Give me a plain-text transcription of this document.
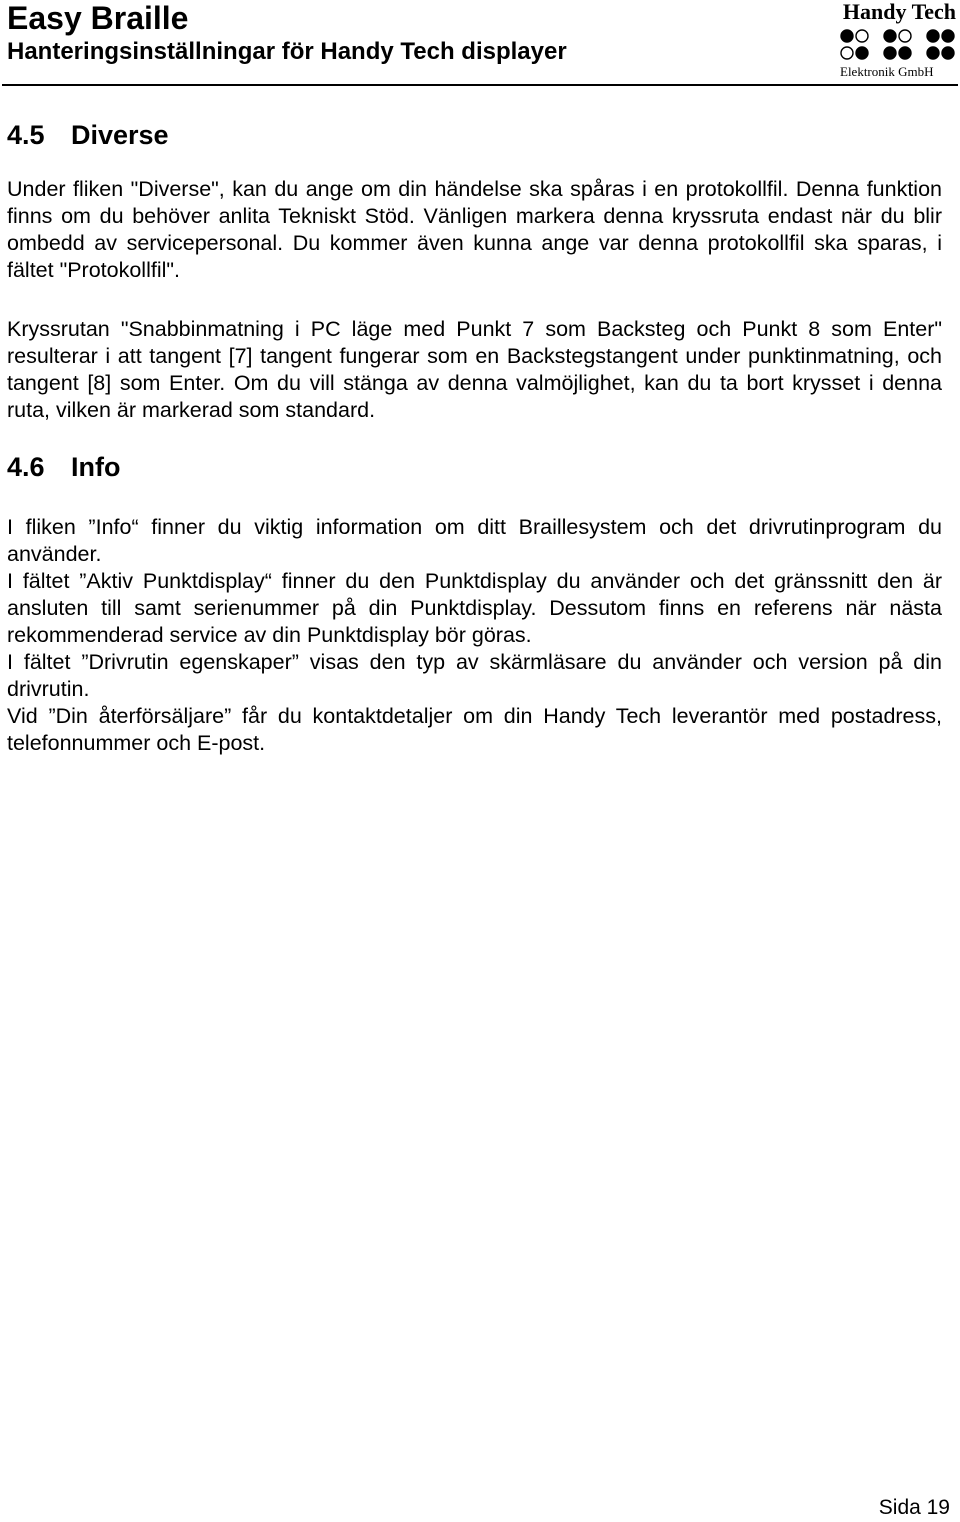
Easy Braille
Hanteringsinställningar för Handy Tech displayer
Handy Tech
Elektronik GmbH
4.5 Diverse

Under fliken "Diverse", kan du ange om din händelse ska spåras i en protokollfil. Denna funktion finns om du behöver anlita Tekniskt Stöd. Vänligen markera denna kryssruta endast när du blir ombedd av servicepersonal. Du kommer även kunna ange var denna protokollfil ska sparas, i fältet "Protokollfil".

Kryssrutan "Snabbinmatning i PC läge med Punkt 7 som Backsteg och Punkt 8 som Enter" resulterar i att tangent [7] tangent fungerar som en Backstegstangent under punktinmatning, och tangent [8] som Enter. Om du vill stänga av denna valmöjlighet, kan du ta bort krysset i denna ruta, vilken är markerad som standard.

4.6 Info

I fliken ”Info“ finner du viktig information om ditt Braillesystem och det drivrutinprogram du använder.

I fältet ”Aktiv Punktdisplay“ finner du den Punktdisplay du använder och det gränssnitt den är ansluten till samt serienummer på din Punktdisplay. Dessutom finns en referens när nästa rekommenderad service av din Punktdisplay bör göras.

I fältet ”Drivrutin egenskaper” visas den typ av skärmläsare du använder och version på din drivrutin.

Vid ”Din återförsäljare” får du kontaktdetaljer om din Handy Tech leverantör med postadress, telefonnummer och E-post.

Sida 19
